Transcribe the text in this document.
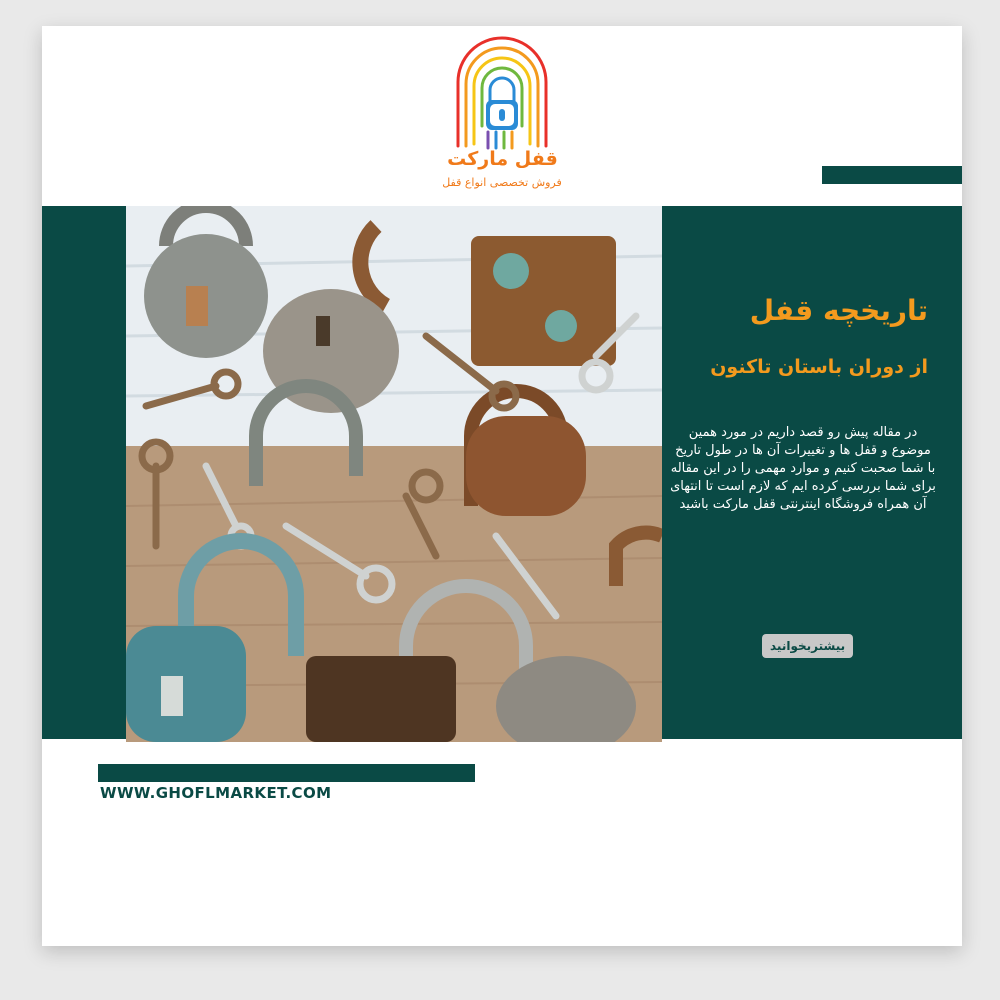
قفل مارکت
فروش تخصصی انواع قفل
تاریخچه قفل
از دوران باستان تاکنون
در مقاله پیش رو قصد داریم در مورد همین موضوع و قفل ها و تغییرات آن ها در طول تاریخ با شما صحبت کنیم و موارد مهمی را در این مقاله برای شما بررسی کرده ایم که لازم است تا انتهای آن همراه فروشگاه اینترنتی قفل مارکت باشید
بیشتربخوانید
WWW.GHOFLMARKET.COM
